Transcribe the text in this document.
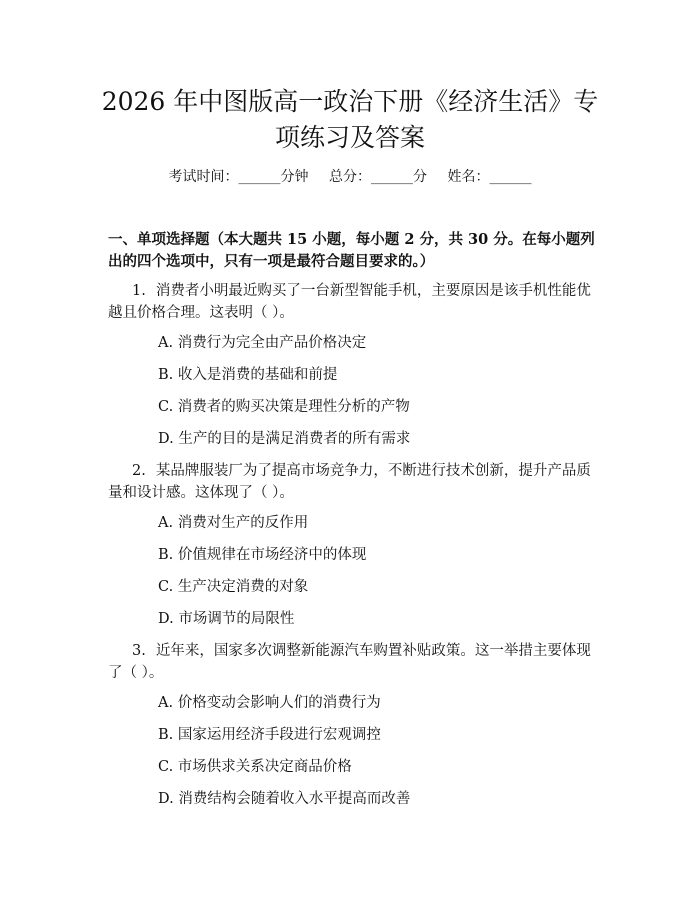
2026 年中图版高一政治下册《经济生活》专
项练习及答案
考试时间：______分钟 总分：______分 姓名：______
一、单项选择题（本大题共 15 小题，每小题 2 分，共 30 分。在每小题列出的四个选项中，只有一项是最符合题目要求的。）
1. 消费者小明最近购买了一台新型智能手机，主要原因是该手机性能优越且价格合理。这表明（ ）。
A. 消费行为完全由产品价格决定
B. 收入是消费的基础和前提
C. 消费者的购买决策是理性分析的产物
D. 生产的目的是满足消费者的所有需求
2. 某品牌服装厂为了提高市场竞争力，不断进行技术创新，提升产品质量和设计感。这体现了（ ）。
A. 消费对生产的反作用
B. 价值规律在市场经济中的体现
C. 生产决定消费的对象
D. 市场调节的局限性
3. 近年来，国家多次调整新能源汽车购置补贴政策。这一举措主要体现了（ ）。
A. 价格变动会影响人们的消费行为
B. 国家运用经济手段进行宏观调控
C. 市场供求关系决定商品价格
D. 消费结构会随着收入水平提高而改善
